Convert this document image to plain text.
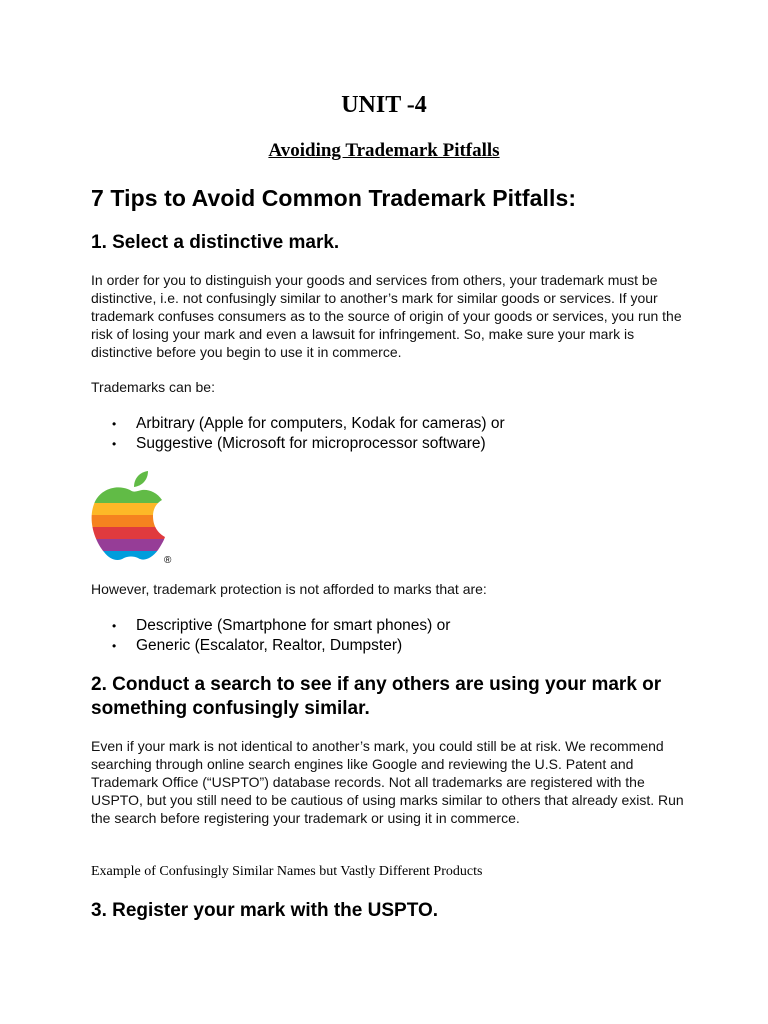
UNIT -4
Avoiding Trademark Pitfalls
7 Tips to Avoid Common Trademark Pitfalls:
1. Select a distinctive mark.
In order for you to distinguish your goods and services from others, your trademark must be distinctive, i.e. not confusingly similar to another’s mark for similar goods or services. If your trademark confuses consumers as to the source of origin of your goods or services, you run the risk of losing your mark and even a lawsuit for infringement. So, make sure your mark is distinctive before you begin to use it in commerce.
Trademarks can be:
• Arbitrary (Apple for computers, Kodak for cameras) or
• Suggestive (Microsoft for microprocessor software)
®
However, trademark protection is not afforded to marks that are:
• Descriptive (Smartphone for smart phones) or
• Generic (Escalator, Realtor, Dumpster)
2. Conduct a search to see if any others are using your mark or something confusingly similar.
Even if your mark is not identical to another’s mark, you could still be at risk. We recommend searching through online search engines like Google and reviewing the U.S. Patent and Trademark Office (“USPTO”) database records. Not all trademarks are registered with the USPTO, but you still need to be cautious of using marks similar to others that already exist. Run the search before registering your trademark or using it in commerce.
Example of Confusingly Similar Names but Vastly Different Products
3. Register your mark with the USPTO.
